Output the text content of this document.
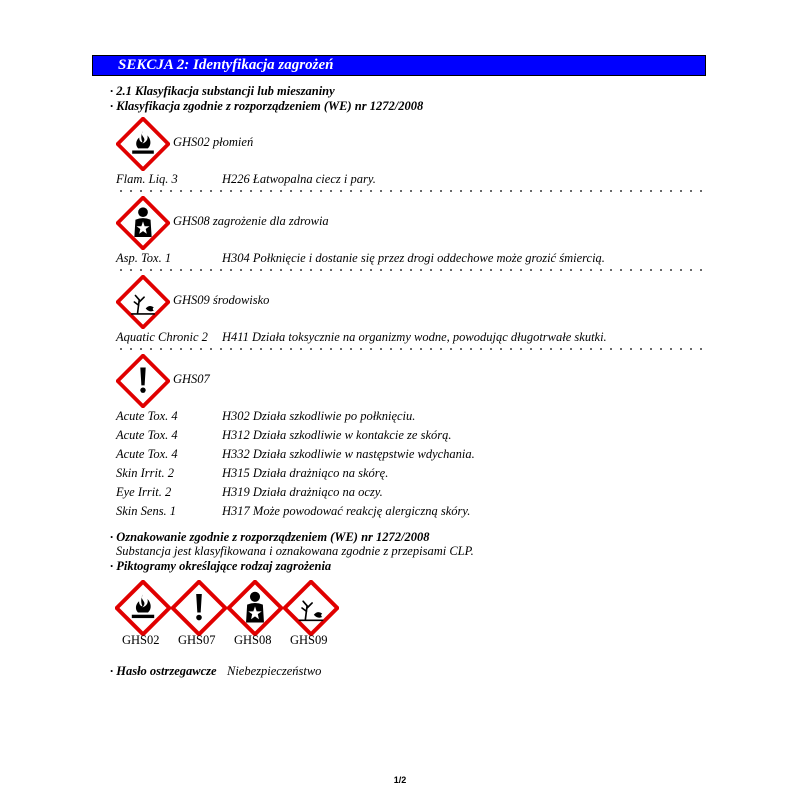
SEKCJA 2: Identyfikacja zagrożeń
· 2.1 Klasyfikacja substancji lub mieszaniny
· Klasyfikacja zgodnie z rozporządzeniem (WE) nr 1272/2008
GHS02 płomień
Flam. Liq. 3	H226 Łatwopalna ciecz i pary.
GHS08 zagrożenie dla zdrowia
Asp. Tox. 1	H304 Połknięcie i dostanie się przez drogi oddechowe może grozić śmiercią.
GHS09 środowisko
Aquatic Chronic 2 H411 Działa toksycznie na organizmy wodne, powodując długotrwałe skutki.
GHS07
Acute Tox. 4	H302 Działa szkodliwie po połknięciu.
Acute Tox. 4	H312 Działa szkodliwie w kontakcie ze skórą.
Acute Tox. 4	H332 Działa szkodliwie w następstwie wdychania.
Skin Irrit. 2	H315 Działa drażniąco na skórę.
Eye Irrit. 2	H319 Działa drażniąco na oczy.
Skin Sens. 1	H317 Może powodować reakcję alergiczną skóry.
· Oznakowanie zgodnie z rozporządzeniem (WE) nr 1272/2008
Substancja jest klasyfikowana i oznakowana zgodnie z przepisami CLP.
· Piktogramy określające rodzaj zagrożenia
GHS02 GHS07 GHS08 GHS09
· Hasło ostrzegawcze Niebezpieczeństwo
1/2
